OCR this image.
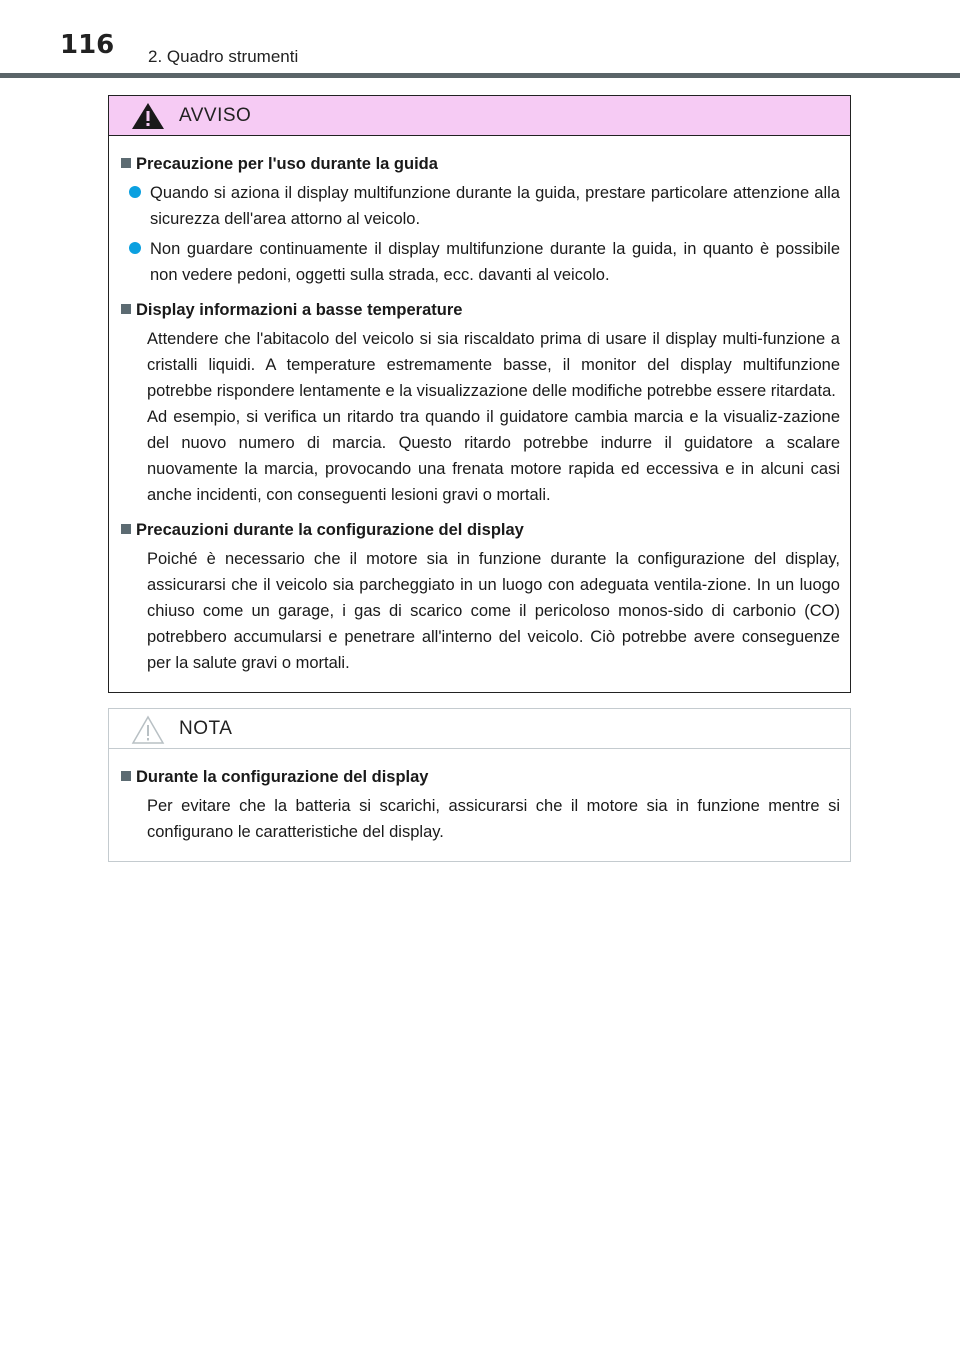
116 2. Quadro strumenti
AVVISO
Precauzione per l'uso durante la guida
Quando si aziona il display multifunzione durante la guida, prestare particolare attenzione alla sicurezza dell'area attorno al veicolo.
Non guardare continuamente il display multifunzione durante la guida, in quanto è possibile non vedere pedoni, oggetti sulla strada, ecc. davanti al veicolo.
Display informazioni a basse temperature
Attendere che l'abitacolo del veicolo si sia riscaldato prima di usare il display multi-funzione a cristalli liquidi. A temperature estremamente basse, il monitor del display multifunzione potrebbe rispondere lentamente e la visualizzazione delle modifiche potrebbe essere ritardata.
Ad esempio, si verifica un ritardo tra quando il guidatore cambia marcia e la visualiz-zazione del nuovo numero di marcia. Questo ritardo potrebbe indurre il guidatore a scalare nuovamente la marcia, provocando una frenata motore rapida ed eccessiva e in alcuni casi anche incidenti, con conseguenti lesioni gravi o mortali.
Precauzioni durante la configurazione del display
Poiché è necessario che il motore sia in funzione durante la configurazione del display, assicurarsi che il veicolo sia parcheggiato in un luogo con adeguata ventila-zione. In un luogo chiuso come un garage, i gas di scarico come il pericoloso monos-sido di carbonio (CO) potrebbero accumularsi e penetrare all'interno del veicolo. Ciò potrebbe avere conseguenze per la salute gravi o mortali.
NOTA
Durante la configurazione del display
Per evitare che la batteria si scarichi, assicurarsi che il motore sia in funzione mentre si configurano le caratteristiche del display.
